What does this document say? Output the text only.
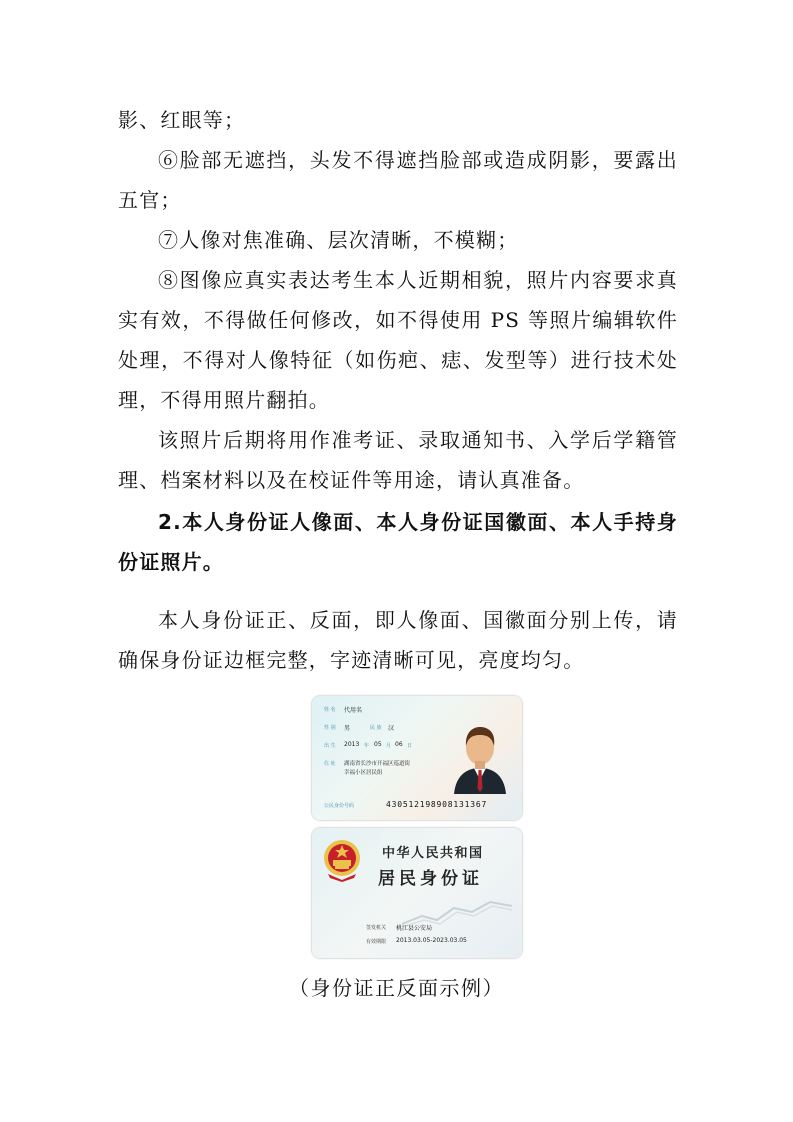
影、红眼等；

⑥脸部无遮挡，头发不得遮挡脸部或造成阴影，要露出五官；

⑦人像对焦准确、层次清晰，不模糊；

⑧图像应真实表达考生本人近期相貌，照片内容要求真实有效，不得做任何修改，如不得使用 PS 等照片编辑软件处理，不得对人像特征（如伤疤、痣、发型等）进行技术处理，不得用照片翻拍。

该照片后期将用作准考证、录取通知书、入学后学籍管理、档案材料以及在校证件等用途，请认真准备。

2.本人身份证人像面、本人身份证国徽面、本人手持身份证照片。

本人身份证正、反面，即人像面、国徽面分别上传，请确保身份证边框完整，字迹清晰可见，亮度均匀。

姓 名 代用名
性 别 男	民 族 汉
出 生 2013 年 05 月 06 日
住 址 湖南省长沙市开福区巡道街
幸福小区居民组
公民身份号码	430512198908131367
中华人民共和国
居民身份证
签发机关 桃江县公安局
有效期限 2013.03.05-2023.03.05
（身份证正反面示例）
